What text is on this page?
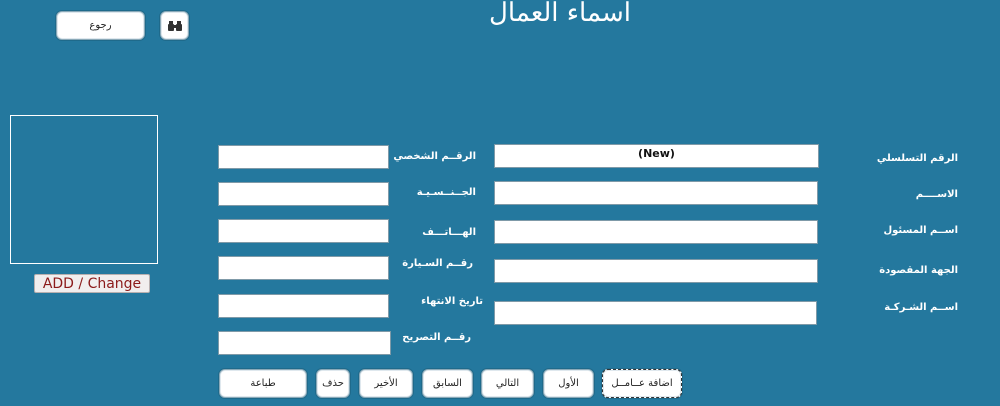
اسماء العمال
رجوع
ADD / Change
الرقم التسلسلي
الاســــم
اســم المسئول
الجهة المقصودة
اســم الشـركـة
(New)
الرقــم الشخصي
الجــنــسـيـة
الهـــاتـــف
رقــم السـيارة
تاريخ الانتهاء
رقــم التصريح
اضافة عــامــل
الأول
التالي
السابق
الأخير
حذف
طباعة
